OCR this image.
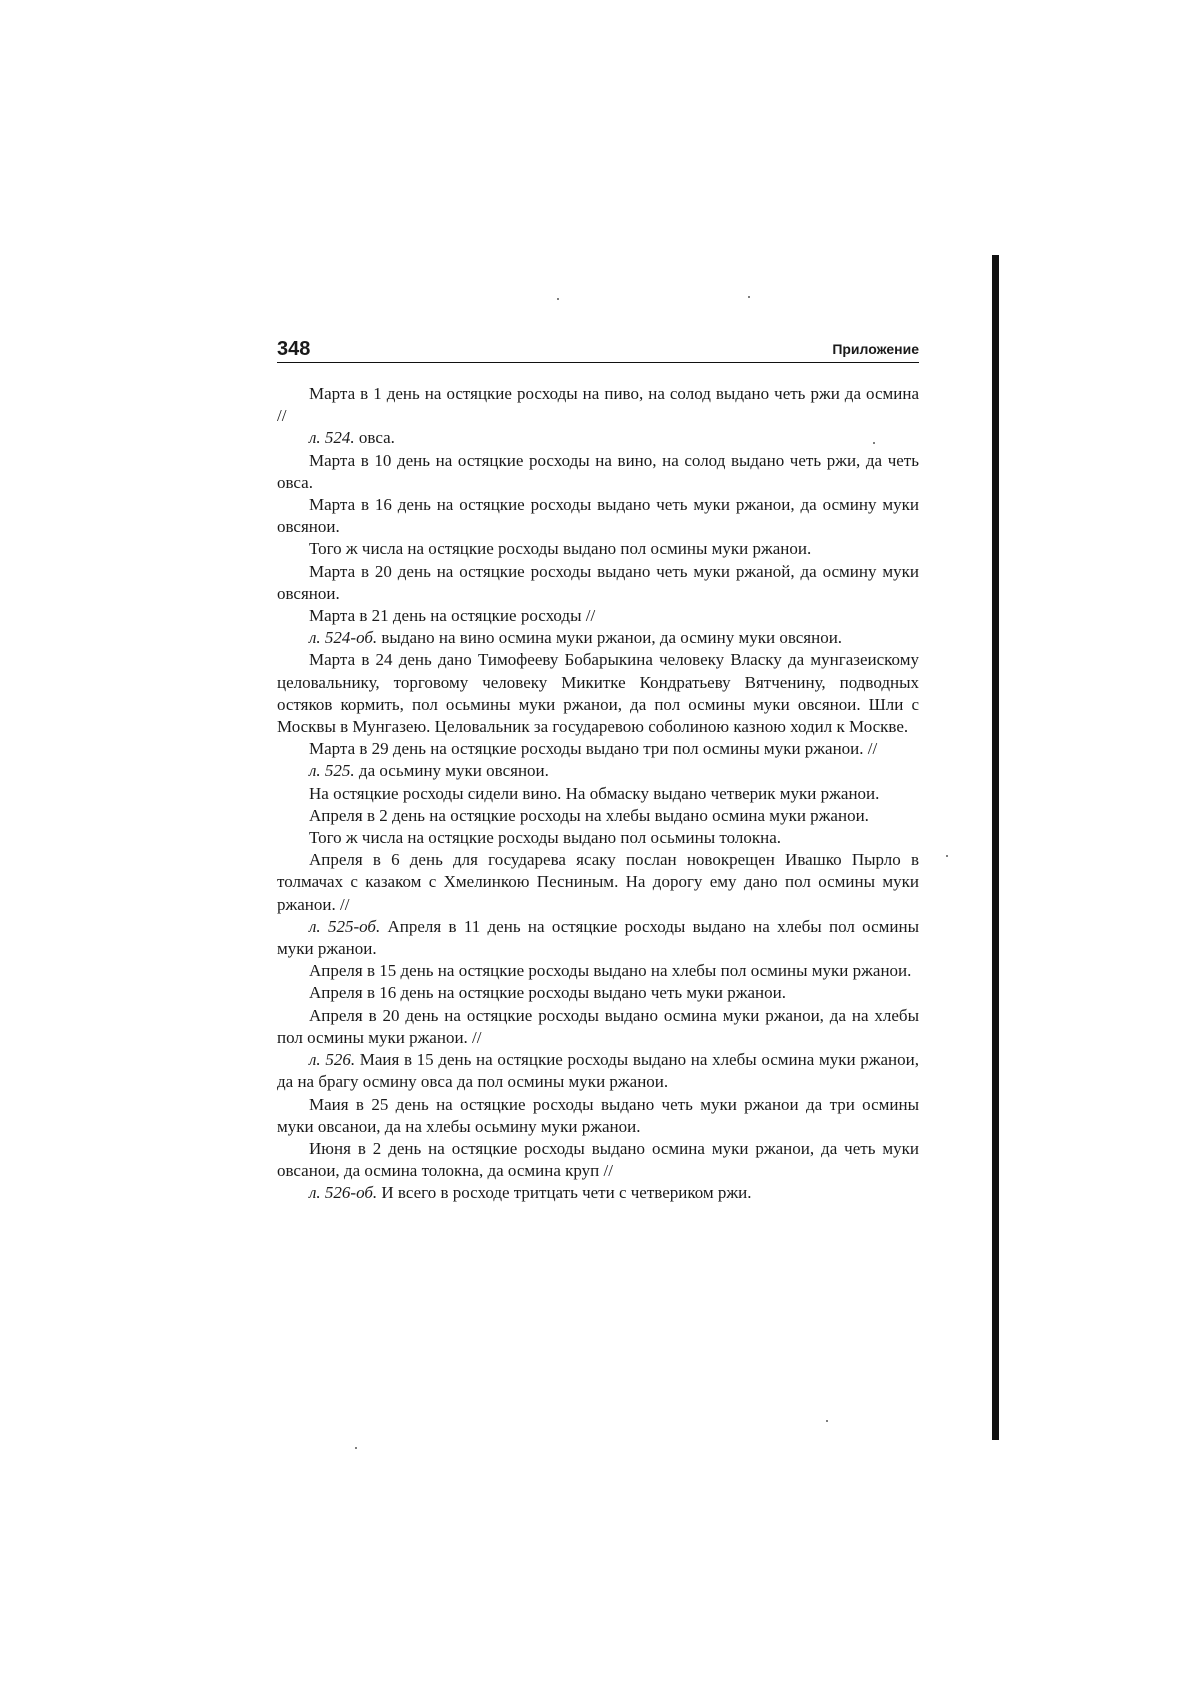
348	Приложение

Марта в 1 день на остяцкие росходы на пиво, на солод выдано четь ржи да осмина //

л. 524. овса.

Марта в 10 день на остяцкие росходы на вино, на солод выдано четь ржи, да четь овса.

Марта в 16 день на остяцкие росходы выдано четь муки ржанои, да осмину муки овсянои.

Того ж числа на остяцкие росходы выдано пол осмины муки ржанои.

Марта в 20 день на остяцкие росходы выдано четь муки ржаной, да осмину муки овсянои.

Марта в 21 день на остяцкие росходы //

л. 524-об. выдано на вино осмина муки ржанои, да осмину муки овсянои.

Марта в 24 день дано Тимофееву Бобарыкина человеку Власку да мунгазеискому целовальнику, торговому человеку Микитке Кондратьеву Вятченину, подводных остяков кормить, пол осьмины муки ржанои, да пол осмины муки овсянои. Шли с Москвы в Мунгазею. Целовальник за государевою соболиною казною ходил к Москве.

Марта в 29 день на остяцкие росходы выдано три пол осмины муки ржанои. //

л. 525. да осьмину муки овсянои.

На остяцкие росходы сидели вино. На обмаску выдано четверик муки ржанои.

Апреля в 2 день на остяцкие росходы на хлебы выдано осмина муки ржанои.

Того ж числа на остяцкие росходы выдано пол осьмины толокна.

Апреля в 6 день для государева ясаку послан новокрещен Ивашко Пырло в толмачах с казаком с Хмелинкою Песниным. На дорогу ему дано пол осмины муки ржанои. //

л. 525-об. Апреля в 11 день на остяцкие росходы выдано на хлебы пол осмины муки ржанои.

Апреля в 15 день на остяцкие росходы выдано на хлебы пол осмины муки ржанои.

Апреля в 16 день на остяцкие росходы выдано четь муки ржанои.

Апреля в 20 день на остяцкие росходы выдано осмина муки ржанои, да на хлебы пол осмины муки ржанои. //

л. 526. Маия в 15 день на остяцкие росходы выдано на хлебы осмина муки ржанои, да на брагу осмину овса да пол осмины муки ржанои.

Маия в 25 день на остяцкие росходы выдано четь муки ржанои да три осмины муки овсанои, да на хлебы осьмину муки ржанои.

Июня в 2 день на остяцкие росходы выдано осмина муки ржанои, да четь муки овсанои, да осмина толокна, да осмина круп //

л. 526-об. И всего в росходе тритцать чети с четвериком ржи.
